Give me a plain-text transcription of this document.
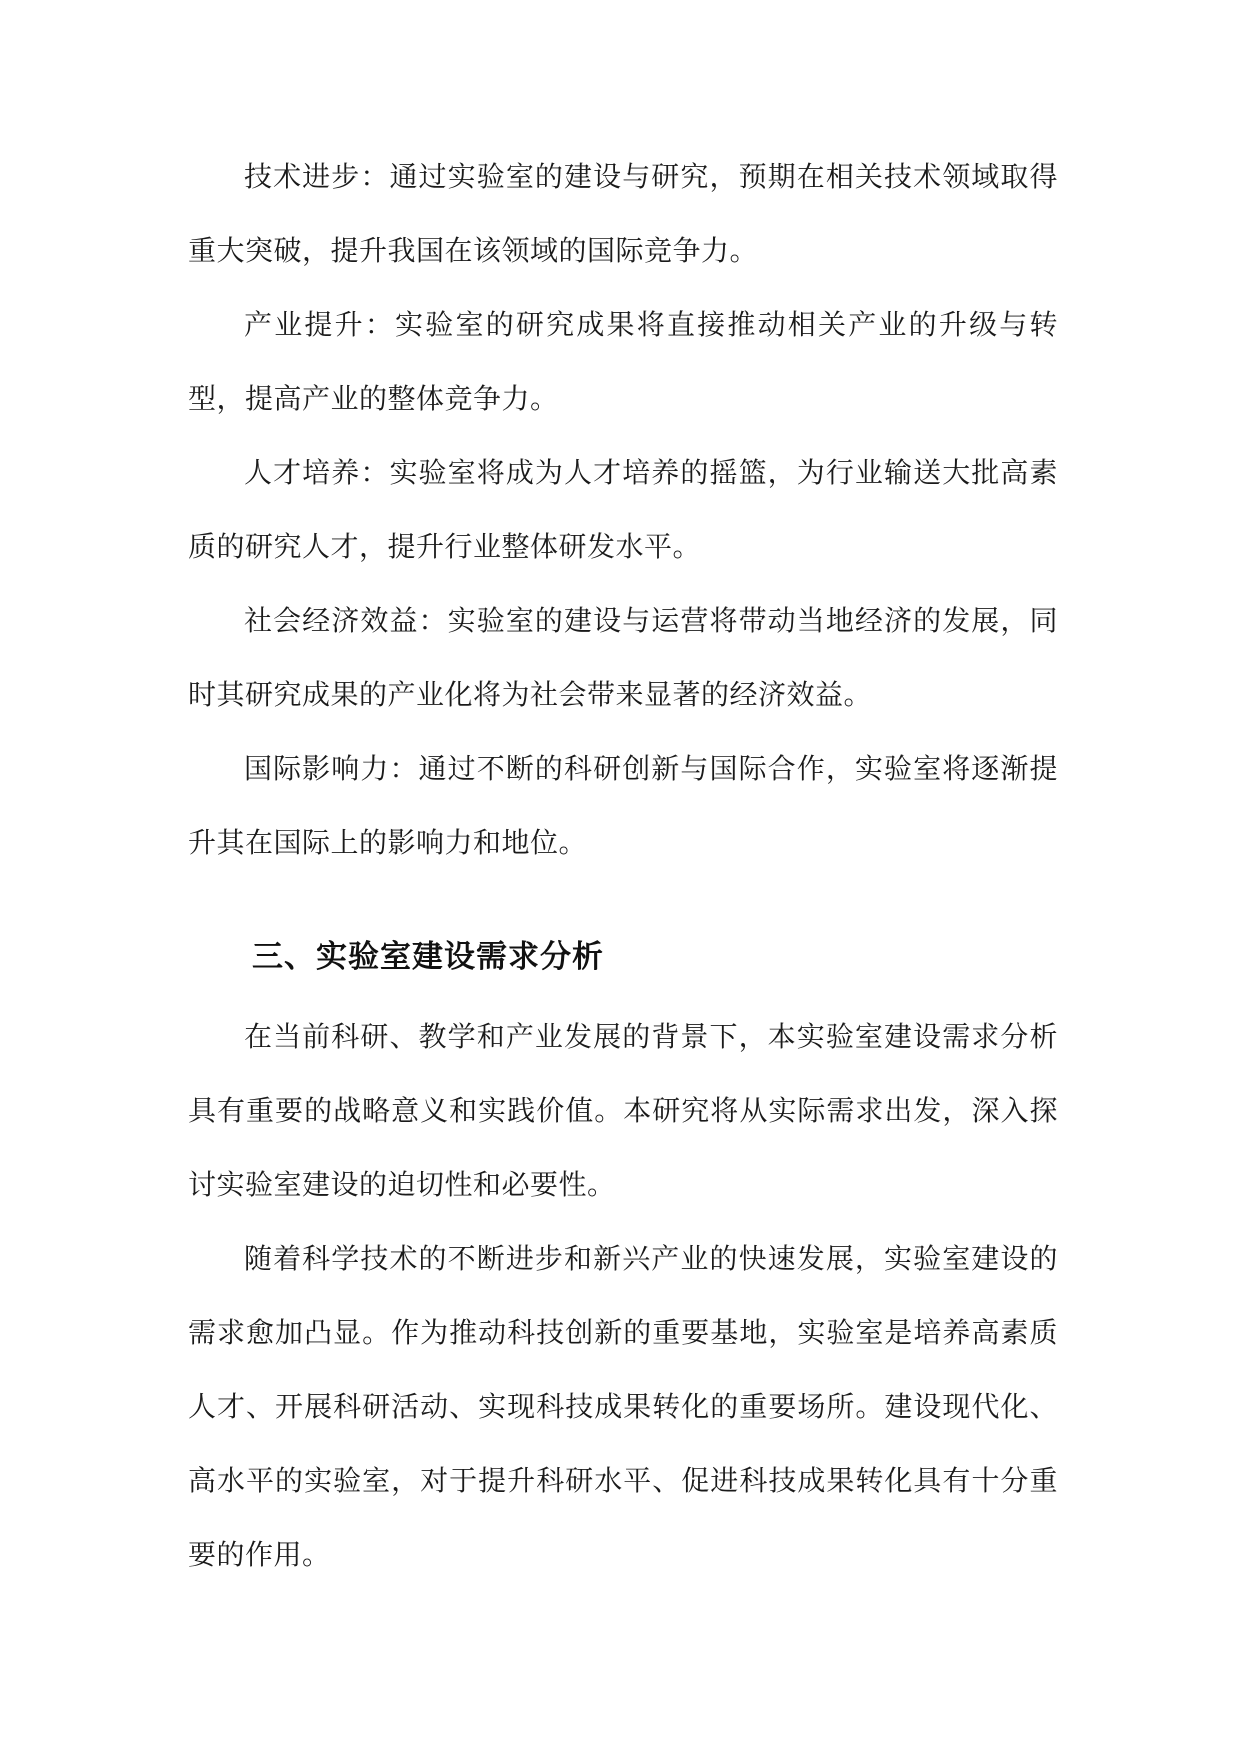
技术进步：通过实验室的建设与研究，预期在相关技术领域取得重大突破，提升我国在该领域的国际竞争力。

产业提升：实验室的研究成果将直接推动相关产业的升级与转型，提高产业的整体竞争力。

人才培养：实验室将成为人才培养的摇篮，为行业输送大批高素质的研究人才，提升行业整体研发水平。

社会经济效益：实验室的建设与运营将带动当地经济的发展，同时其研究成果的产业化将为社会带来显著的经济效益。

国际影响力：通过不断的科研创新与国际合作，实验室将逐渐提升其在国际上的影响力和地位。

三、实验室建设需求分析

在当前科研、教学和产业发展的背景下，本实验室建设需求分析具有重要的战略意义和实践价值。本研究将从实际需求出发，深入探讨实验室建设的迫切性和必要性。

随着科学技术的不断进步和新兴产业的快速发展，实验室建设的需求愈加凸显。作为推动科技创新的重要基地，实验室是培养高素质人才、开展科研活动、实现科技成果转化的重要场所。建设现代化、高水平的实验室，对于提升科研水平、促进科技成果转化具有十分重要的作用。
